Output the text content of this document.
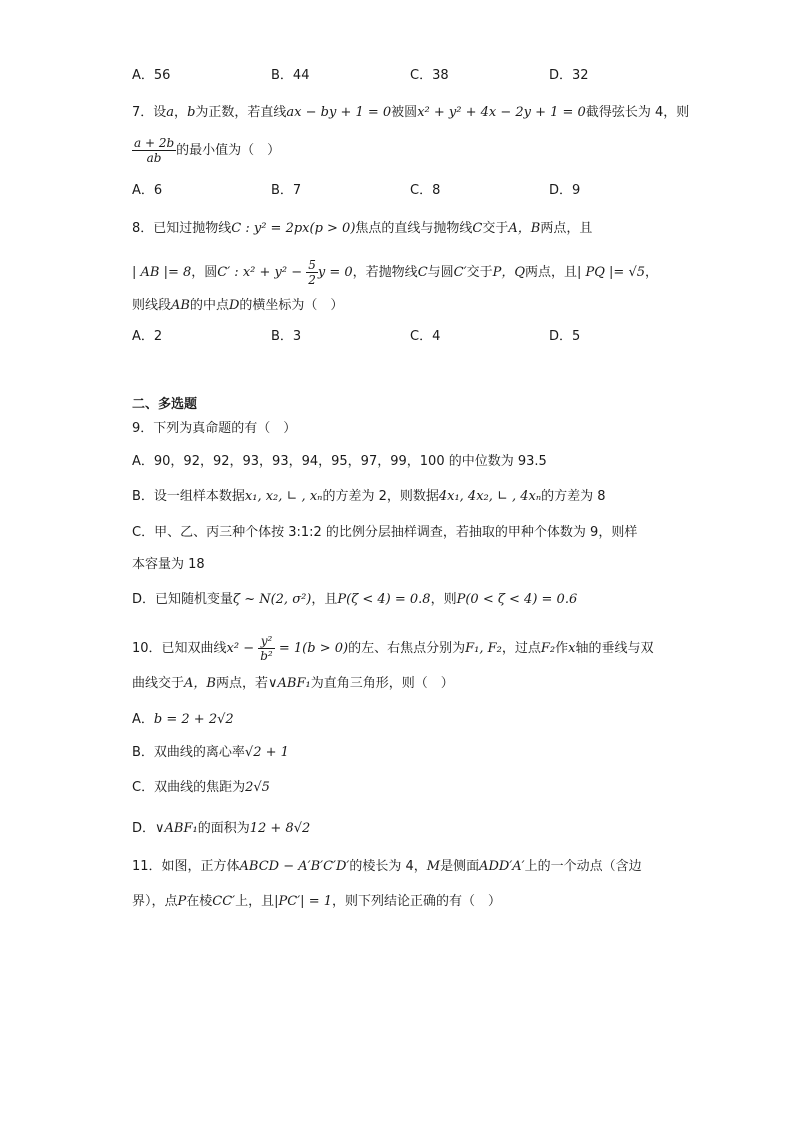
A．56	B．44	C．38	D．32
7．设a，b为正数，若直线ax − by + 1 = 0被圆x² + y² + 4x − 2y + 1 = 0截得弦长为 4，则
$\frac{a + 2b}{ab}$ 的最小值为（　）
A．6	B．7	C．8	D．9
8．已知过抛物线C : y² = 2px(p > 0)焦点的直线与抛物线C交于A，B两点，且
| AB |= 8，圆C′ : $x^2 + y^2 - \frac{5}{2}$ y = 0，若抛物线C与圆C′交于P，Q两点，且| PQ |= √5，
则线段AB的中点D的横坐标为（　）
A．2	B．3	C．4	D．5
二、多选题
9．下列为真命题的有（　）
A．90，92，92，93，93，94，95，97，99，100 的中位数为 93.5
B．设一组样本数据x₁, x₂, ∟ , xₙ的方差为 2，则数据4x₁, 4x₂, ∟ , 4xₙ的方差为 8
C．甲、乙、丙三种个体按 3:1:2 的比例分层抽样调查，若抽取的甲种个体数为 9，则样
本容量为 18
D．已知随机变量ζ ~ N(2, σ²)，且P(ζ < 4) = 0.8，则P(0 < ζ < 4) = 0.6
10．已知双曲线$x^2 - \frac{\text{y²}}{\text{b²}} = 1(b > 0)$的左、右焦点分别为F₁, F₂，过点F₂作x轴的垂线与双
曲线交于A，B两点，若∨ABF₁为直角三角形，则（　）
A．b = 2 + 2√2
B．双曲线的离心率√2 + 1
C．双曲线的焦距为2√5
D．∨ABF₁的面积为12 + 8√2
11．如图，正方体ABCD − A′B′C′D′的棱长为 4，M是侧面ADD′A′上的一个动点（含边
界），点P在棱CC′上，且|PC′| = 1，则下列结论正确的有（　）
